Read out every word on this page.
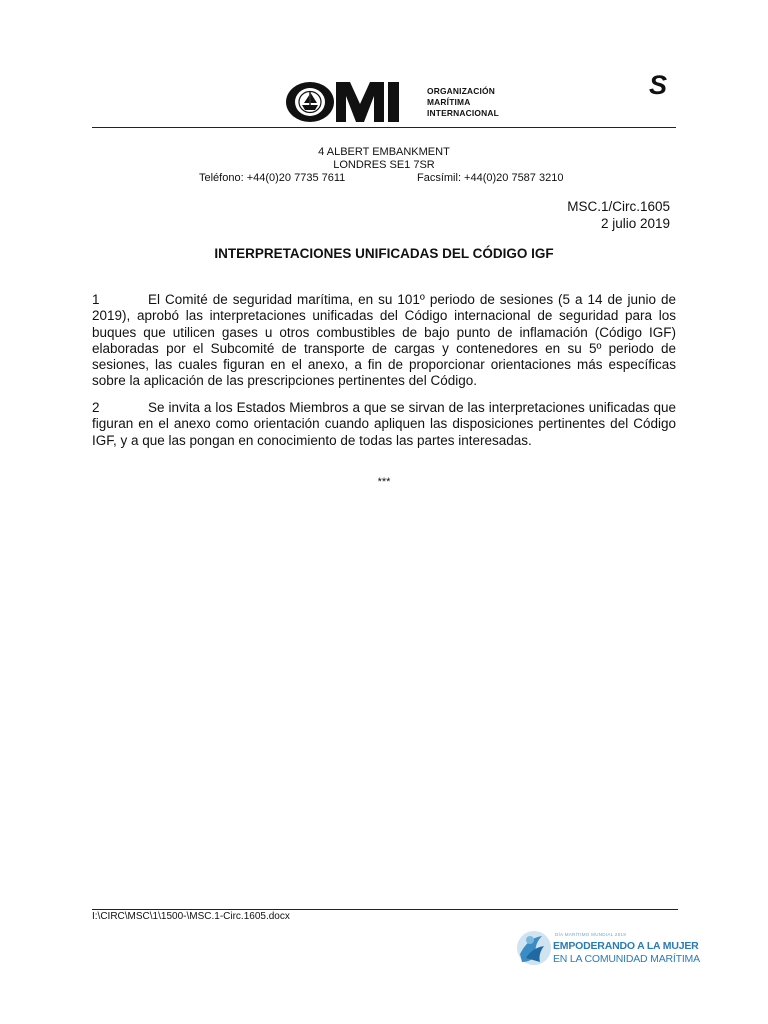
ORGANIZACIÓN
MARÍTIMA
INTERNACIONAL
S
4 ALBERT EMBANKMENT
LONDRES SE1 7SR
Teléfono: +44(0)20 7735 7611	Facsímil: +44(0)20 7587 3210
MSC.1/Circ.1605
2 julio 2019
INTERPRETACIONES UNIFICADAS DEL CÓDIGO IGF
1	El Comité de seguridad marítima, en su 101º periodo de sesiones (5 a 14 de junio de 2019), aprobó las interpretaciones unificadas del Código internacional de seguridad para los buques que utilicen gases u otros combustibles de bajo punto de inflamación (Código IGF) elaboradas por el Subcomité de transporte de cargas y contenedores en su 5º periodo de sesiones, las cuales figuran en el anexo, a fin de proporcionar orientaciones más específicas sobre la aplicación de las prescripciones pertinentes del Código.
2	Se invita a los Estados Miembros a que se sirvan de las interpretaciones unificadas que figuran en el anexo como orientación cuando apliquen las disposiciones pertinentes del Código IGF, y a que las pongan en conocimiento de todas las partes interesadas.
***
I:\CIRC\MSC\1\1500-\MSC.1-Circ.1605.docx
DÍA MARÍTIMO MUNDIAL 2019
EMPODERANDO A LA MUJER
EN LA COMUNIDAD MARÍTIMA
